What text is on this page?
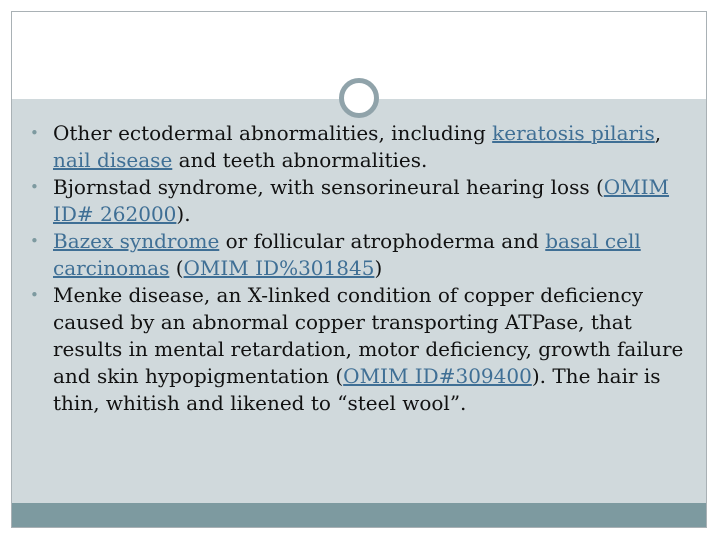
• Other ectodermal abnormalities, including keratosis pilaris, nail disease and teeth abnormalities.
• Bjornstad syndrome, with sensorineural hearing loss (OMIM ID# 262000).
• Bazex syndrome or follicular atrophoderma and basal cell carcinomas (OMIM ID%301845)
• Menke disease, an X-linked condition of copper deficiency caused by an abnormal copper transporting ATPase, that results in mental retardation, motor deficiency, growth failure and skin hypopigmentation (OMIM ID#309400). The hair is thin, whitish and likened to “steel wool”.
